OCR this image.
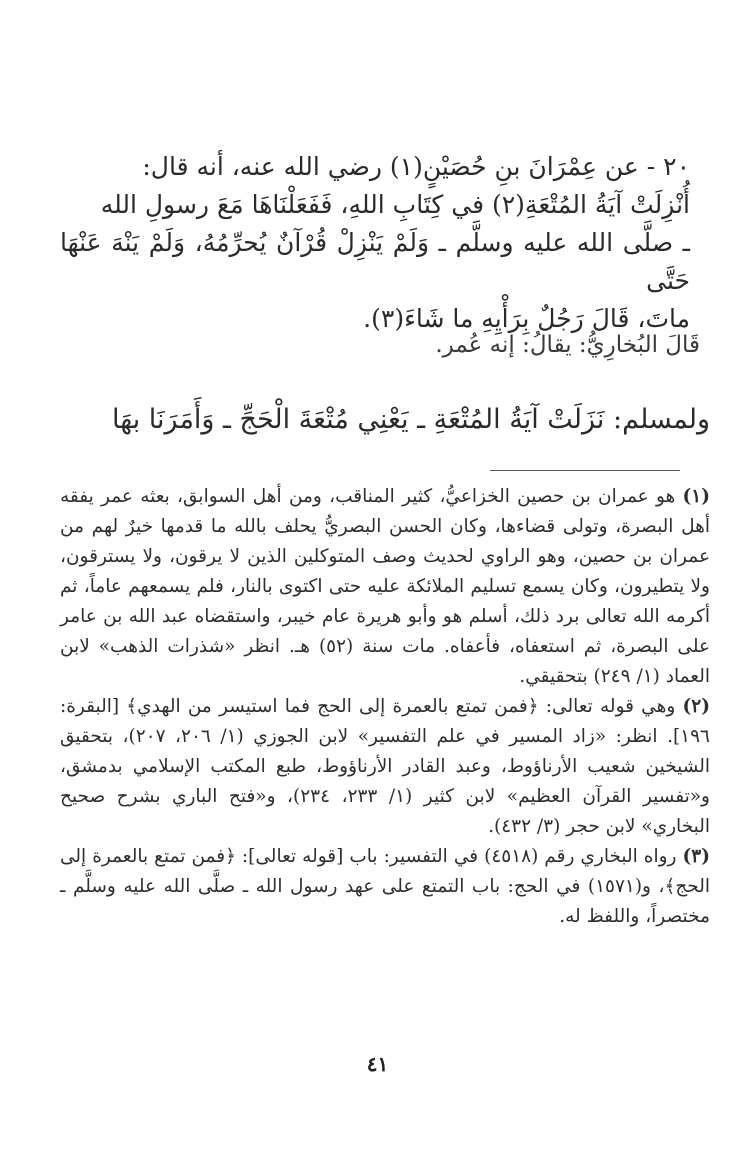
٢٠ - عن عِمْرَانَ بنِ حُصَيْنٍ(١) رضي الله عنه، أنه قال:

أُنْزِلَتْ آيَةُ المُتْعَةِ(٢) في كِتَابِ اللهِ، فَفَعَلْنَاهَا مَعَ رسولِ الله

ـ صلَّى الله عليه وسلَّم ـ وَلَمْ يَنْزِلْ قُرْآنٌ يُحرِّمُهُ، وَلَمْ يَنْهَ عَنْهَا حَتَّى

ماتَ، قَالَ رَجُلٌ بِرَأْيِهِ ما شَاءَ(٣).

قَالَ البُخارِيُّ: يقالُ: إنه عُمر.
ولمسلم: نَزَلَتْ آيَةُ المُتْعَةِ ـ يَعْنِي مُتْعَةَ الْحَجِّ ـ وَأَمَرَنَا بهَا

(١) هو عمران بن حصين الخزاعيُّ، كثير المناقب، ومن أهل السوابق، بعثه عمر يفقه أهل البصرة، وتولى قضاءها، وكان الحسن البصريُّ يحلف بالله ما قدمها خيرٌ لهم من عمران بن حصين، وهو الراوي لحديث وصف المتوكلين الذين لا يرقون، ولا يسترقون، ولا يتطيرون، وكان يسمع تسليم الملائكة عليه حتى اكتوى بالنار، فلم يسمعهم عاماً، ثم أكرمه الله تعالى برد ذلك، أسلم هو وأبو هريرة عام خيبر، واستقضاه عبد الله بن عامر على البصرة، ثم استعفاه، فأعفاه. مات سنة (٥٢) هـ. انظر «شذرات الذهب» لابن العماد (١/ ٢٤٩) بتحقيقي.

(٢) وهي قوله تعالى: ﴿فمن تمتع بالعمرة إلى الحج فما استيسر من الهدي﴾ [البقرة: ١٩٦]. انظر: «زاد المسير في علم التفسير» لابن الجوزي (١/ ٢٠٦، ٢٠٧)، بتحقيق الشيخين شعيب الأرناؤوط، وعبد القادر الأرناؤوط، طبع المكتب الإسلامي بدمشق، و«تفسير القرآن العظيم» لابن كثير (١/ ٢٣٣، ٢٣٤)، و«فتح الباري بشرح صحيح البخاري» لابن حجر (٣/ ٤٣٢).

(٣) رواه البخاري رقم (٤٥١٨) في التفسير: باب [قوله تعالى]: ﴿فمن تمتع بالعمرة إلى الحج﴾، و(١٥٧١) في الحج: باب التمتع على عهد رسول الله ـ صلَّى الله عليه وسلَّم ـ مختصراً، واللفظ له.

٤١
